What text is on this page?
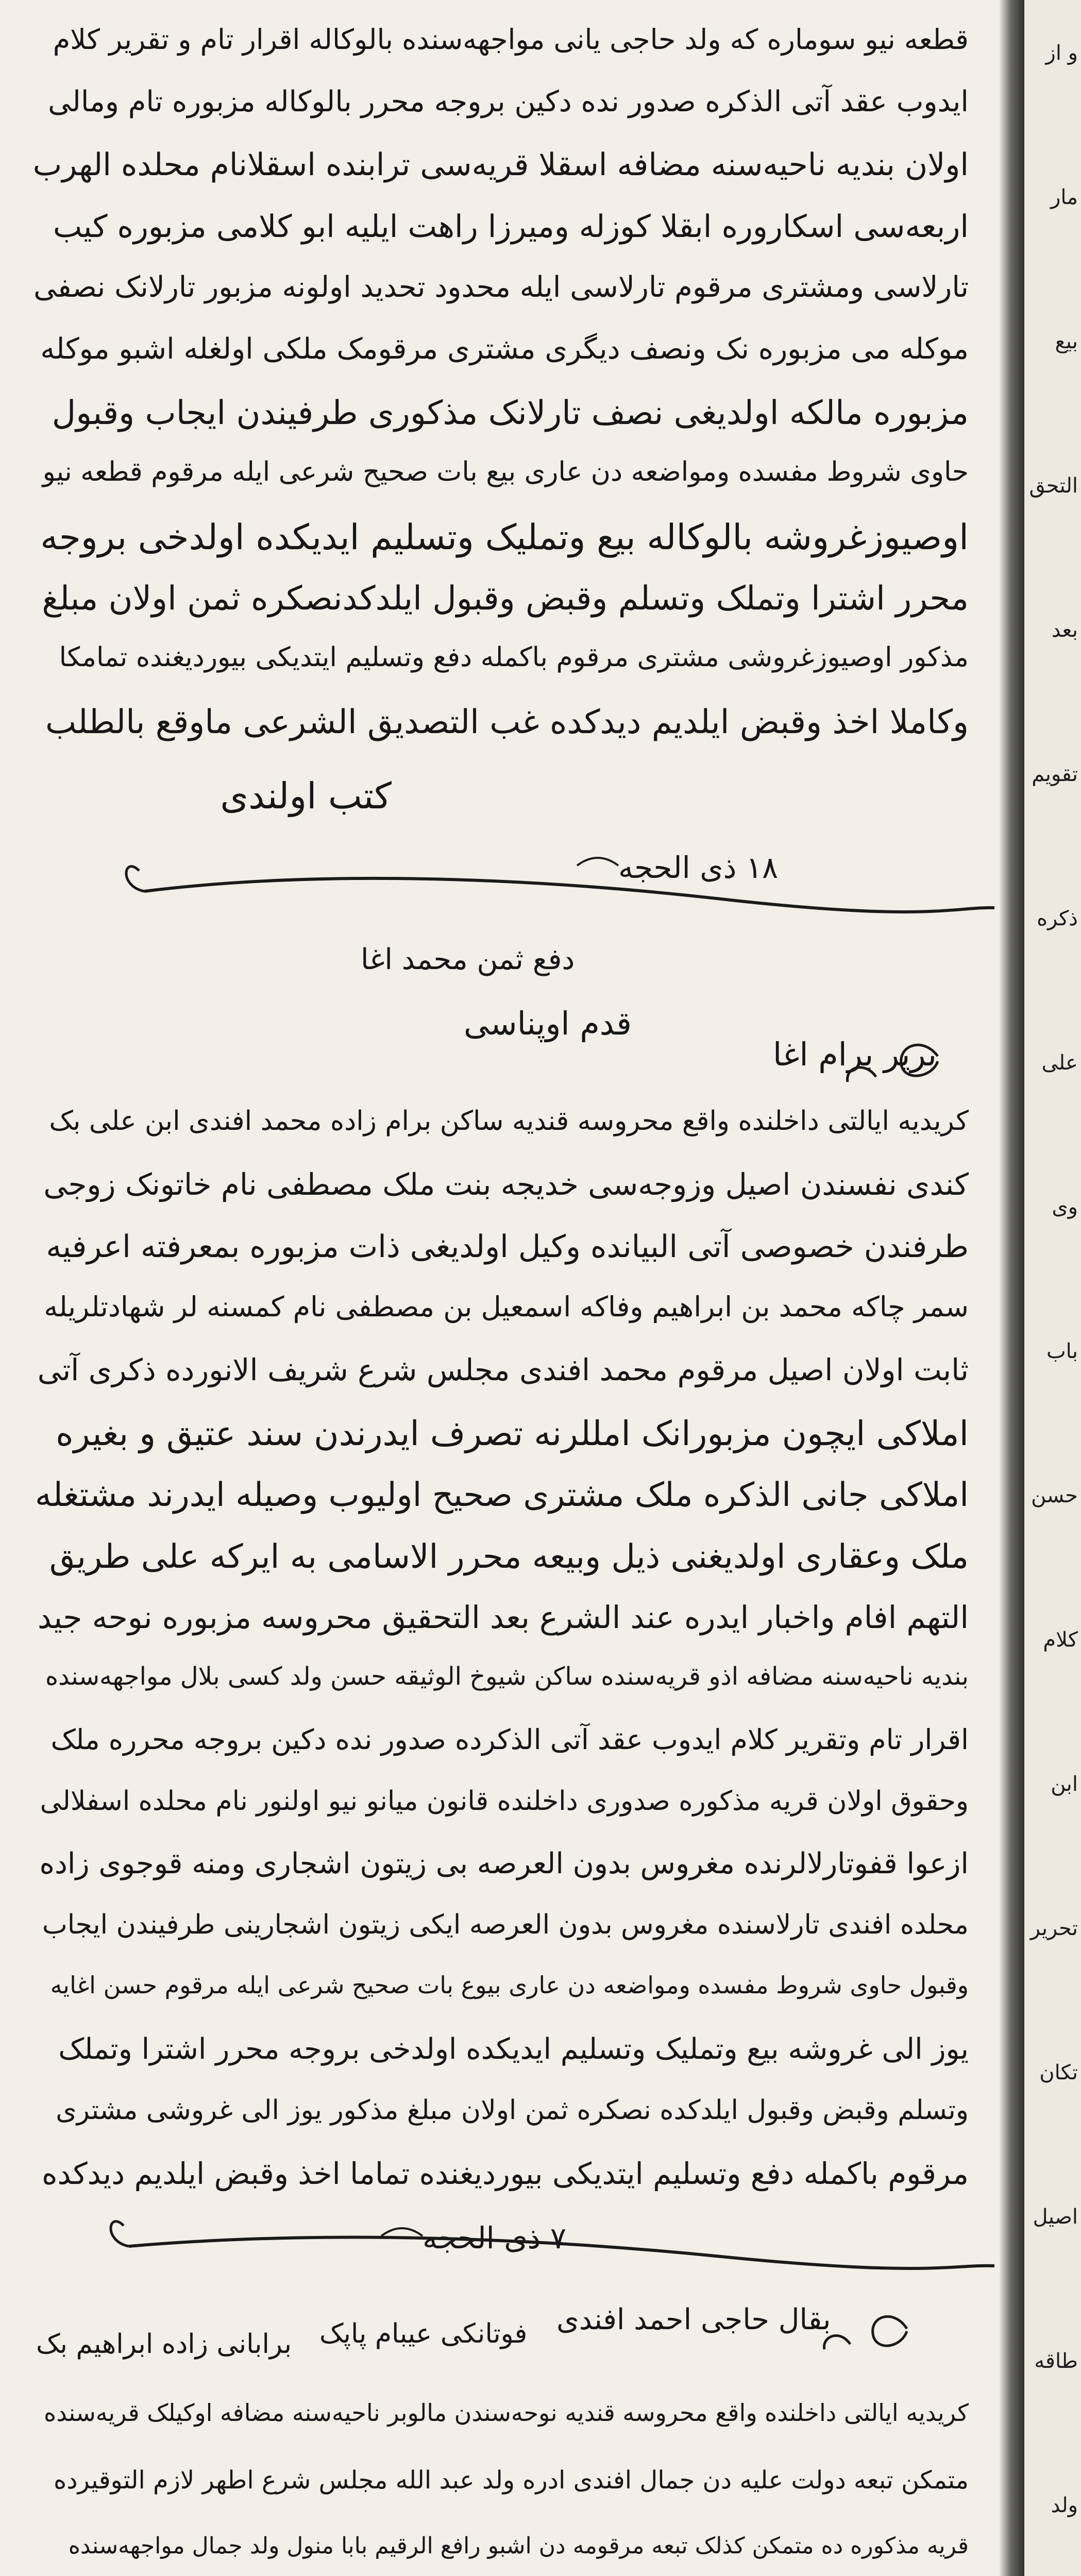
قطعه نیو سوماره که ولد حاجی یانی مواجهه‌سنده بالوکاله اقرار تام و تقریر کلام

ایدوب عقد آتی الذکره صدور نده دکین بروجه محرر بالوکاله مزبوره تام ومالی

اولان بندیه ناحیه‌سنه مضافه اسقلا قریه‌سی ترابنده اسقلانام محلده الهرب‌

اربعه‌سی اسکاروره ابقلا کوزله ومیرزا راهت ایلیه ابو کلامی مزبوره کیب

تارلاسی ومشتری مرقوم تارلاسی ایله محدود تحدید اولونه مزبور تارلانک نصفی

موکله‌ می مزبوره نک ونصف دیگری مشتری مرقومک ملکی اولغله اشبو موکله‌

مزبوره مالکه اولدیغی نصف تارلانک مذکوری طرفیندن ایجاب وقبول‌

حاوی شروط مفسده ومواضعه‌ دن عاری بیع بات صحیح شرعی ایله مرقوم قطعه‌ نیو

اوصیوزغروشه بالوکاله بیع وتملیک وتسلیم ایدیکده اولدخی بروجه‌

محرر اشترا وتملک وتسلم وقبض وقبول ایلدکدنصکره ثمن اولان مبلغ

مذکور اوصیوزغروشی مشتری مرقوم باکمله دفع وتسلیم ایتدیکی بیوردیغنده تمامکا

وکاملا اخذ وقبض ایلدیم دیدکده غب التصدیق الشرعی ماوقع بالطلب

کتب اولندی

۱۸ ذی الحجه
دفع ثمن محمد اغا
قدم اوپناسی
بریر برام اغا

کریدیه ایالتی داخلنده واقع محروسه قندیه ساکن برام زاده محمد افندی ابن علی بک

کندی نفسندن اصیل وزوجه‌سی خدیجه بنت ملک مصطفی نام خاتونک زوجی

طرفندن خصوصی آتی البیانده وکیل اولدیغی ذات مزبوره بمعرفته اعرفیه

سمر چاکه محمد بن ابراهیم وفاکه اسمعیل بن مصطفی نام کمسنه‌ لر شهادتلریله

ثابت اولان اصیل مرقوم محمد افندی مجلس شرع شریف الانورده ذکری آتی

املاکی ایچون مزبورانک امللرنه تصرف ایدرندن سند عتیق و بغیره

املاکی جانی الذکره ملک مشتری صحیح اولیوب وصیله ایدرند مشتغله

ملک وعقاری اولدیغنی ذیل وبیعه محرر الاسامی‌ به ایرکه علی طریق

التهم افام واخبار ایدره عند الشرع بعد التحقیق محروسه مزبوره نوحه جید

بندیه ناحیه‌سنه مضافه اذو قریه‌سنده ساکن شیوخ الوثیقه حسن ولد کسی بلال مواجهه‌سنده

اقرار تام وتقریر کلام ایدوب عقد آتی الذکرده صدور نده دکین بروجه محرره ملک

وحقوق اولان قریه مذکوره صدوری داخلنده قانون میانو نیو اولنور نام محلده اسفلالی

ازعوا قفوتارلالرنده مغروس بدون العرصه بی زیتون اشجاری ومنه قوجوی زاده

محلده افندی تارلاسنده مغروس بدون العرصه ایکی زیتون اشجارینی طرفیندن ایجاب

وقبول حاوی شروط مفسده ومواضعه‌ دن عاری بیوع بات صحیح شرعی ایله مرقوم حسن اغایه

یوز الی غروشه بیع وتملیک وتسلیم ایدیکده اولدخی بروجه محرر اشترا وتملک

وتسلم وقبض وقبول ایلدکده نصکره ثمن اولان مبلغ مذکور یوز الی غروشی مشتری

مرقوم باکمله دفع وتسلیم ایتدیکی بیوردیغنده تماما اخذ وقبض ایلدیم دیدکده

۷ ذی الحجه
بقال حاجی احمد افندی
فوتانکی عیبام پاپک
برابانی زاده ابراهیم بک

کریدیه ایالتی داخلنده واقع محروسه قندیه نوحه‌سندن مالوبر ناحیه‌سنه مضافه اوکیلک قریه‌سنده

متمکن تبعه دولت علیه‌ دن جمال افندی ادره ولد عبد الله مجلس شرع اطهر لازم التوقیرده

قریه مذکوره‌ ده متمکن کذلک تبعه مرقومه‌ دن اشبو رافع الرقیم بابا منول ولد جمال مواجهه‌سنده

و از
مار
بیع
التحق
بعد
تقویم
ذکره
علی
وی
باب
حسن
کلام
ابن
تحریر
تکان
اصیل
طاقه
ولد
